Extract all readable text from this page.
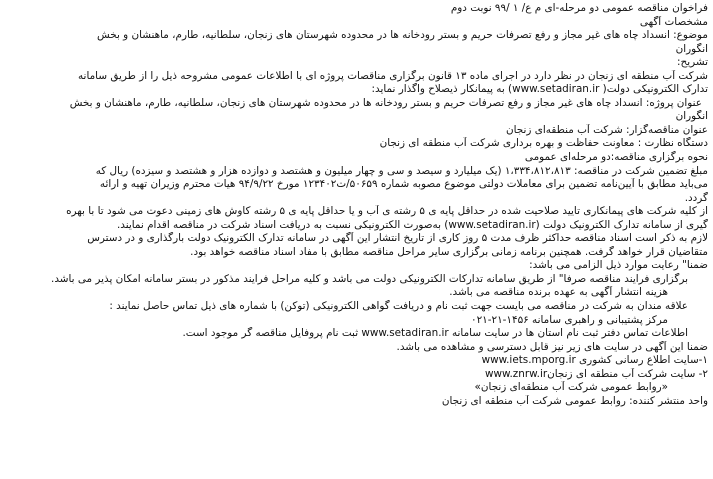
فراخوان مناقصه عمومی دو مرحله-ای م ع/ ۱ /۹۹ نوبت دوم
مشخصات آگهی
موضوع: انسداد چاه های غیر مجاز و رفع تصرفات حریم و بستر رودخانه ها در محدوده شهرستان های زنجان، سلطانیه، طارم، ماهنشان و بخش
انگوران
تشریح:
شرکت آب منطقه ای زنجان در نظر دارد در اجرای ماده ۱۳ قانون برگزاری مناقصات پروژه ای با اطلاعات عمومی مشروحه ذیل را از طریق سامانه
تدارک الکترونیکی دولت( www.setadiran.ir) به پیمانکار ذیصلاح واگذار نماید:
عنوان پروژه: انسداد چاه های غیر مجاز و رفع تصرفات حریم و بستر رودخانه ها در محدوده شهرستان های زنجان، سلطانیه، طارم، ماهنشان و بخش
انگوران
عنوان مناقصه‌گزار: شرکت آب منطقه‌ای زنجان
دستگاه نظارت : معاونت حفاظت و بهره برداری شرکت آب منطقه ای زنجان
نحوه برگزاری مناقصه:دو مرحله‌ای عمومی
مبلغ تضمین شرکت در مناقصه: ۱،۳۳۴،۸۱۲،۸۱۳ (یک میلیارد و سیصد و سی و چهار میلیون و هشتصد و دوازده هزار و هشتصد و سیزده) ریال که
می‌باید مطابق با آیین‌نامه تضمین برای معاملات دولتی موضوع مصوبه شماره ۵۰۶۵۹/ت۱۲۳۴۰۲ مورخ ۹۴/۹/۲۲ هیات محترم وزیران تهیه و ارائه
گردد.
از کلیه شرکت های پیمانکاری تایید صلاحیت شده در حداقل پایه ی ۵ رشته ی آب و یا حداقل پایه ی ۵ رشته کاوش های زمینی دعوت می شود تا با بهره
گیری از سامانه تدارک الکترونیک دولت (www.setadiran.ir) به‌صورت الکترونیکی نسبت به دریافت اسناد شرکت در مناقصه اقدام نمایند.
لازم به ذکر است اسناد مناقصه حداکثر ظرف مدت ۵ روز کاری از تاریخ انتشار این آگهی در سامانه تدارک الکترونیک دولت بارگذاری و در دسترس
متقاضیان قرار خواهد گرفت. همچنین برنامه زمانی برگزاری سایر مراحل مناقصه مطابق با مفاد اسناد مناقصه خواهد بود.
ضمنا" رعایت موارد ذیل الزامی می باشد:
برگزاری فرایند مناقصه صرفا" از طریق سامانه تدارکات الکترونیکی دولت می باشد و کلیه مراحل فرایند مذکور در بستر سامانه امکان پذیر می باشد.
هزینه انتشار آگهی به عهده برنده مناقصه می باشد.
علاقه مندان به شرکت در مناقصه می بایست جهت ثبت نام و دریافت گواهی الکترونیکی (توکن) با شماره های ذیل تماس حاصل نمایند :
مرکز پشتیبانی و راهبری سامانه ۱۴۵۶-۲۱-۰۲۱
اطلاعات تماس دفتر ثبت نام استان ها در سایت سامانه www.setadiran.ir ثبت نام پروفایل مناقصه گر موجود است.
ضمنا این آگهی در سایت های زیر نیز قابل دسترسی و مشاهده می باشد.
۱-سایت اطلاع رسانی کشوری www.iets.mporg.ir
۲- سایت شرکت آب منطقه ای زنجانwww.znrw.ir
«روابط عمومی شرکت آب منطقه‌ای زنجان»
واحد منتشر کننده: روابط عمومی شرکت آب منطقه ای زنجان
